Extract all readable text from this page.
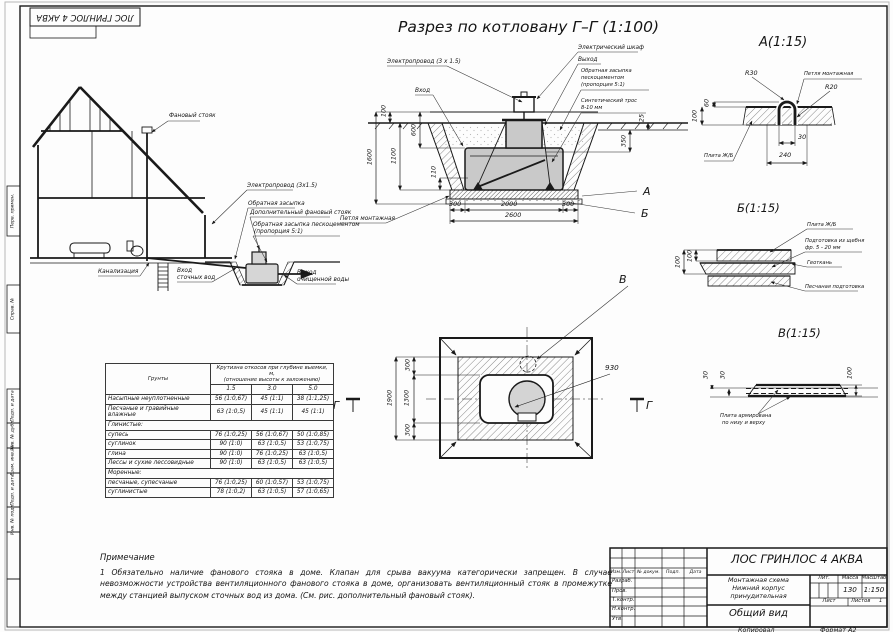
ЛОС ГРИНЛОС 4 АКВА
Разрез по котловану Г–Г (1:100)
Перв. примен.
Справ. №
Подп. и дата
Инв. № дубл.
Взам. инв. №
Подп. и дата
Инв. № подл.
Фановый стояк
Электропровод (3х1.5)
Обратная засыпка
Дополнительный фановый стояк
Обратная засыпка пескоцементом
(пропорция 5:1)
Канализация	Вход
сточных вод
Выход
очищенной воды
Электропровод (3 х 1.5)
Вход
Электрический шкаф
Выход
Обратная засыпка
пескоцементом
(пропорция 5:1)
Синтетический трос
8-10 мм
Петля монтажная
1600
100
1100
600
110
350
25
300	2000	300
2600
А
Б
В
300
1300
300
1900
930
Г	Г
А(1:15)
R30	Петля монтажная
R20
60
100
30
240
Плита Ж/Б
Б(1:15)
Плита Ж/Б
Подготовка из щебня
фр. 5 - 20 мм
Геоткань
Песчаная подготовка
100
100
В(1:15)
30 30	100
Плита армирована
по низу и верху
Грунты	Крутизна откосов при глубине выемки, м,
(отношение высоты к заложению)		
	1.5	3.0	5.0
Насыпные неуплотненные	56 (1:0,67)	45 (1:1)	38 (1:1,25)
Песчаные и гравийные влажные	63 (1:0,5)	45 (1:1)	45 (1:1)
Глинистые:			
супесь	76 (1:0,25)	56 (1:0,67)	50 (1:0,85)
суглинок	90 (1:0)	63 (1:0,5)	53 (1:0,75)
глина	90 (1:0)	76 (1:0,25)	63 (1:0,5)
Лессы и сухие лессовидные	90 (1:0)	63 (1:0,5)	63 (1:0,5)
Моренные:			
песчаные, супесчаные	76 (1:0,25)	60 (1:0,57)	53 (1:0,75)
суглинистые	78 (1:0,2)	63 (1:0,5)	57 (1:0,65)
Примечание
1 Обязательно наличие фанового стояка в доме. Клапан для срыва вакуума категорически запрещен. В случае невозможности устройства вентиляционного фанового стояка в доме, организовать вентиляционный стояк в промежутке между станцией выпуском сточных вод из дома. (См. рис. дополнительный фановый стояк).
ЛОС ГРИНЛОС 4 АКВА
Монтажная схема
Нижний корпус
принудительная
Общий вид
Лит.	Масса Масштаб
130 1:150
Лист	Листов 1
Изм. Лист № докум.	Подп.	Дата
Разраб.
Пров.
Т.контр.
Н.контр.
Утв.
Копировал	Формат А2
